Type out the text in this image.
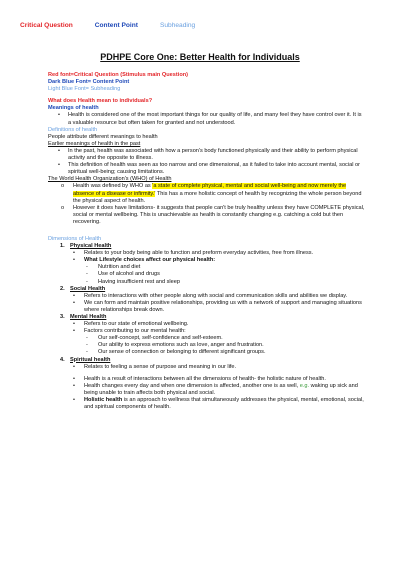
Critical Question	Content Point	Subheading
PDHPE Core One: Better Health for Individuals

Red font=Critical Question (Stimulus main Question)

Dark Blue Font= Content Point

Light Blue Font= Subheading

What does Health mean to individuals?

Meanings of health

•	Health is considered one of the most important things for our quality of life, and many feel they have control over it. It is a valuable resource but often taken for granted and not understood.

Definitions of health

People attribute different meanings to health

Earlier meanings of health in the past

•	In the past, health was associated with how a person's body functioned physically and their ability to perform physical activity and the opposite to illness.
•	This definition of health was seen as too narrow and one dimensional, as it failed to take into account mental, social or spiritual well-being; causing limitations.

The World Health Organization's (WHO) of Health

o	Health was defined by WHO as 'a state of complete physical, mental and social well-being and now merely the absence of a disease or infirmity.' This has a more holistic concept of health by recognizing the whole person beyond the physical aspect of health.
o	However it does have limitations- it suggests that people can't be truly healthy unless they have COMPLETE physical, social or mental wellbeing. This is unachievable as health is constantly changing e.g. catching a cold but then recovering.

Dimensions of Health

1. Physical Health
•	Relates to your body being able to function and preform everyday activities, free from illness.
•	What Lifestyle choices affect our physical health:
-	Nutrition and diet
-	Use of alcohol and drugs
-	Having insufficient rest and sleep
2. Social Health
•	Refers to interactions with other people along with social and communication skills and abilities we display.
•	We can form and maintain positive relationships, providing us with a network of support and managing situations where relationships break down.
3. Mental Health
•	Refers to our state of emotional wellbeing.
•	Factors contributing to our mental health:
-	Our self-concept, self-confidence and self-esteem.
-	Our ability to express emotions such as love, anger and frustration.
-	Our sense of connection or belonging to different significant groups.
4. Spiritual health
•	Relates to feeling a sense of purpose and meaning in our life.
•	Health is a result of interactions between all the dimensions of health- the holistic nature of health.
•	Health changes every day and when one dimension is affected, another one is as well, e.g. waking up sick and being unable to train affects both physical and social.
•	Holistic health is an approach to wellness that simultaneously addresses the physical, mental, emotional, social, and spiritual components of health.
